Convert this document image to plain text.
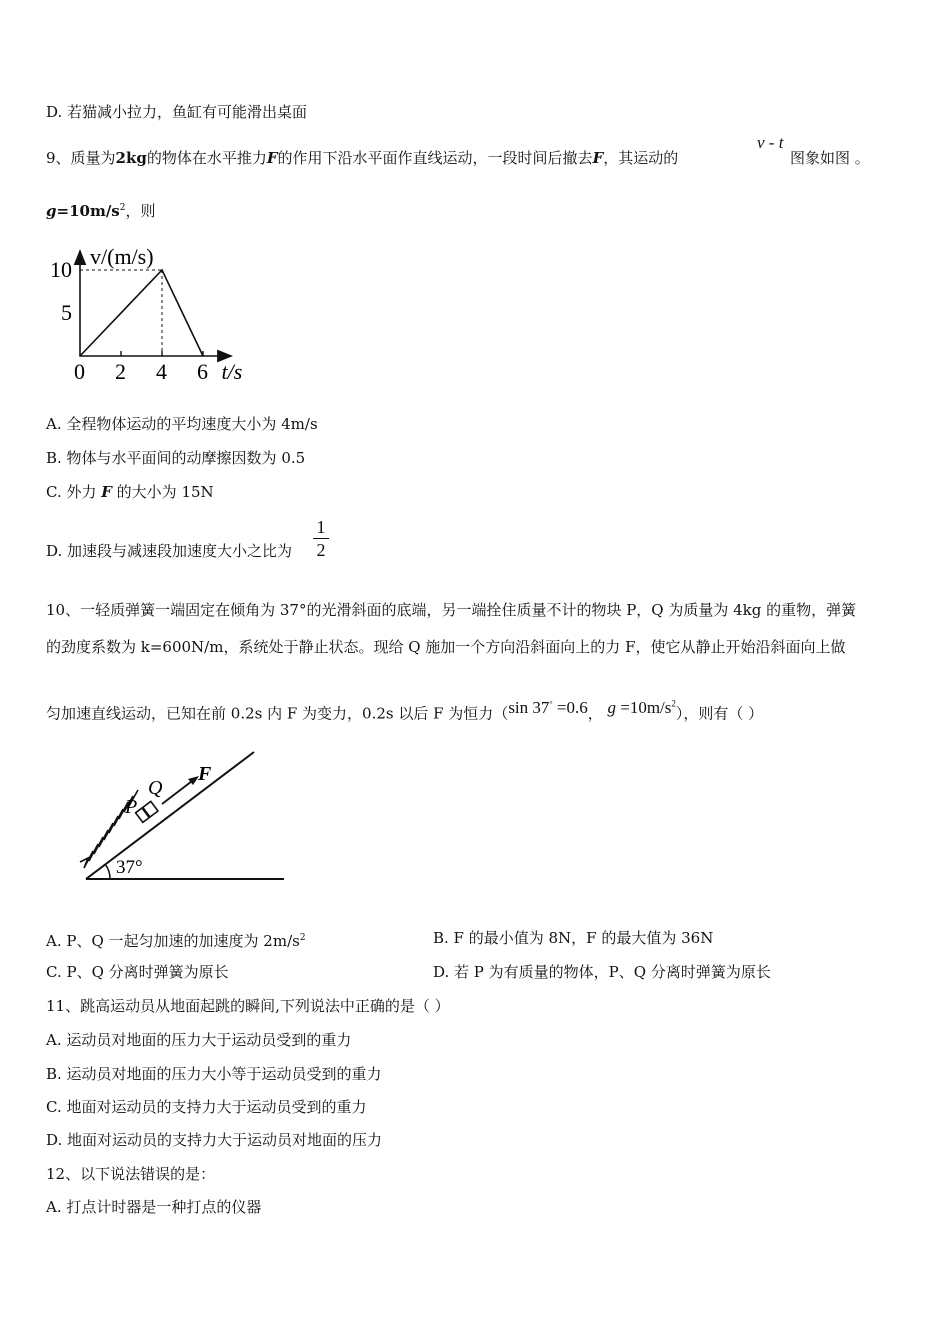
D. 若猫减小拉力，鱼缸有可能滑出桌面
9、质量为2kg的物体在水平推力F的作用下沿水平面作直线运动，一段时间后撤去F，其运动的
v - t
图象如图 。
$g=10m/s^2$，则
v/(m/s)
t/s
0 2 4 6
5
10
A. 全程物体运动的平均速度大小为 4m/s
B. 物体与水平面间的动摩擦因数为 0.5
C. 外力 F 的大小为 15N
D. 加速段与减速段加速度大小之比为 $\frac{1}{2}$
10、一轻质弹簧一端固定在倾角为 37°的光滑斜面的底端，另一端拴住质量不计的物块 P，Q 为质量为 4kg 的重物，弹簧
的劲度系数为 k=600N/m，系统处于静止状态。现给 Q 施加一个方向沿斜面向上的力 F，使它从静止开始沿斜面向上做
匀加速直线运动，已知在前 0.2s 内 F 为变力，0.2s 以后 F 为恒力（sin 37° =0.6， $g =10m/s^2$），则有（ ）
P
Q
F
37°
A. P、Q 一起匀加速的加速度为 $2m/s^2$	B. F 的最小值为 8N，F 的最大值为 36N
C. P、Q 分离时弹簧为原长	D. 若 P 为有质量的物体，P、Q 分离时弹簧为原长
11、跳高运动员从地面起跳的瞬间,下列说法中正确的是（ ）
A. 运动员对地面的压力大于运动员受到的重力
B. 运动员对地面的压力大小等于运动员受到的重力
C. 地面对运动员的支持力大于运动员受到的重力
D. 地面对运动员的支持力大于运动员对地面的压力
12、以下说法错误的是：
A. 打点计时器是一种打点的仪器
